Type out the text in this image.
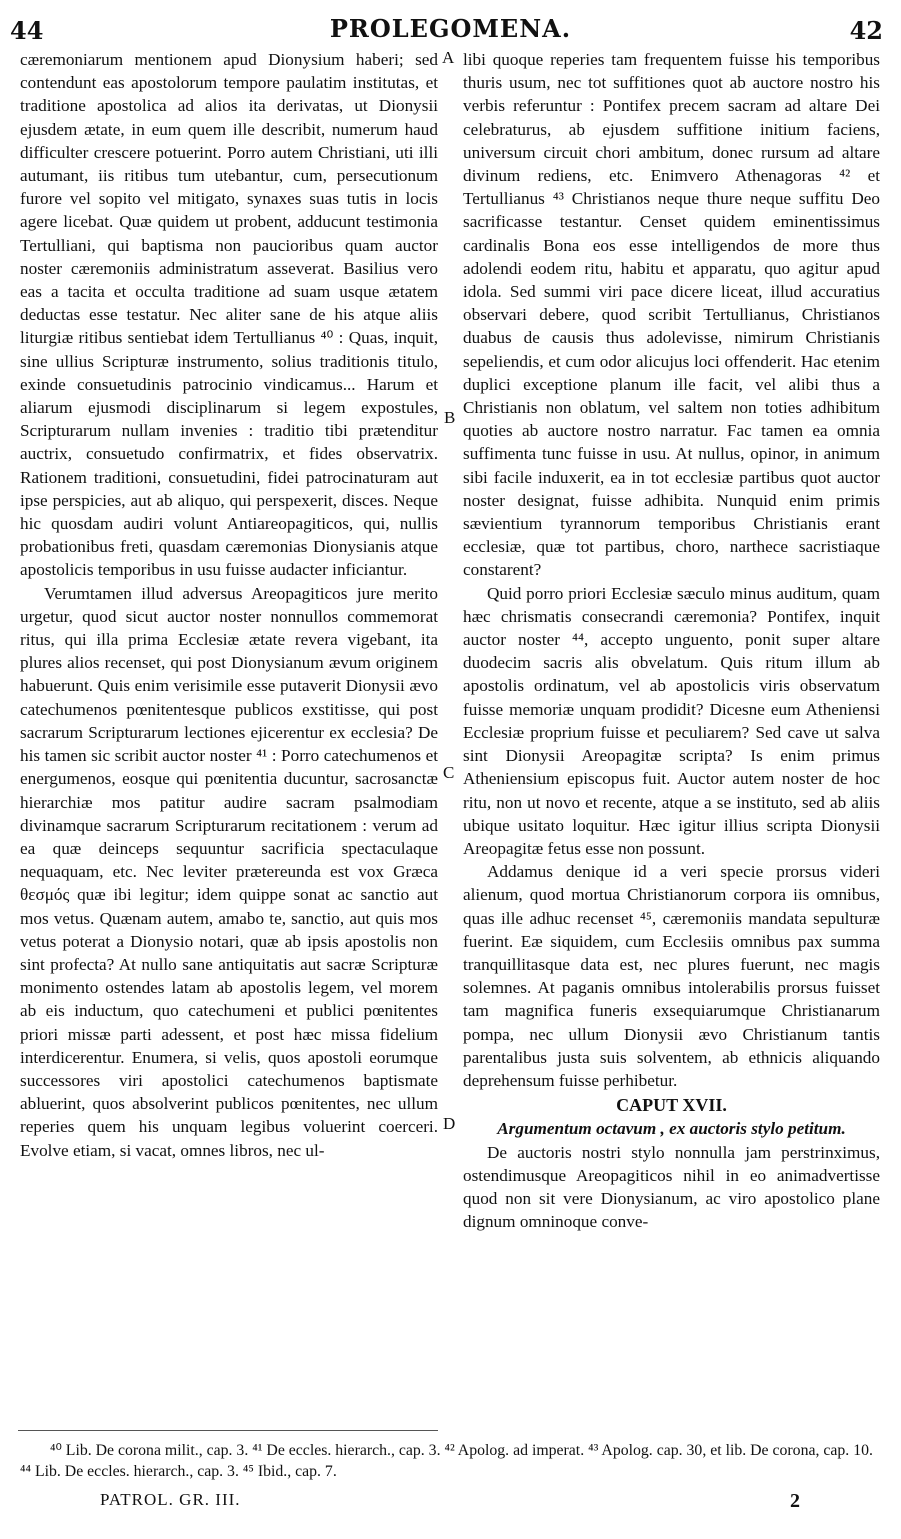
44	PROLEGOMENA.	42

cæremoniarum mentionem apud Dionysium haberi; sed contendunt eas apostolorum tempore paulatim institutas, et traditione apostolica ad alios ita derivatas, ut Dionysii ejusdem ætate, in eum quem ille describit, numerum haud difficulter crescere potuerint. Porro autem Christiani, uti illi autumant, iis ritibus tum utebantur, cum, persecutionum furore vel sopito vel mitigato, synaxes suas tutis in locis agere licebat. Quæ quidem ut probent, adducunt testimonia Tertulliani, qui baptisma non paucioribus quam auctor noster cæremoniis administratum asseverat. Basilius vero eas a tacita et occulta traditione ad suam usque ætatem deductas esse testatur. Nec aliter sane de his atque aliis liturgiæ ritibus sentiebat idem Tertullianus ⁴⁰ : Quas, inquit, sine ullius Scripturæ instrumento, solius traditionis titulo, exinde consuetudinis patrocinio vindicamus... Harum et aliarum ejusmodi disciplinarum si legem expostules, Scripturarum nullam invenies : traditio tibi prætenditur auctrix, consuetudo confirmatrix, et fides observatrix. Rationem traditioni, consuetudini, fidei patrocinaturam aut ipse perspicies, aut ab aliquo, qui perspexerit, disces. Neque hic quosdam audiri volunt Antiareopagiticos, qui, nullis probationibus freti, quasdam cæremonias Dionysianis atque apostolicis temporibus in usu fuisse audacter inficiantur.

Verumtamen illud adversus Areopagiticos jure merito urgetur, quod sicut auctor noster nonnullos commemorat ritus, qui illa prima Ecclesiæ ætate revera vigebant, ita plures alios recenset, qui post Dionysianum ævum originem habuerunt. Quis enim verisimile esse putaverit Dionysii ævo catechumenos pœnitentesque publicos exstitisse, qui post sacrarum Scripturarum lectiones ejicerentur ex ecclesia? De his tamen sic scribit auctor noster ⁴¹ : Porro catechumenos et energumenos, eosque qui pœnitentia ducuntur, sacrosanctæ hierarchiæ mos patitur audire sacram psalmodiam divinamque sacrarum Scripturarum recitationem : verum ad ea quæ deinceps sequuntur sacrificia spectaculaque nequaquam, etc. Nec leviter prætereunda est vox Græca θεσμός quæ ibi legitur; idem quippe sonat ac sanctio aut mos vetus. Quænam autem, amabo te, sanctio, aut quis mos vetus poterat a Dionysio notari, quæ ab ipsis apostolis non sint profecta? At nullo sane antiquitatis aut sacræ Scripturæ monimento ostendes latam ab apostolis legem, vel morem ab eis inductum, quo catechumeni et publici pœnitentes priori missæ parti adessent, et post hæc missa fidelium interdicerentur. Enumera, si velis, quos apostoli eorumque successores viri apostolici catechumenos baptismate abluerint, quos absolverint publicos pœnitentes, nec ullum reperies quem his unquam legibus voluerint coerceri. Evolve etiam, si vacat, omnes libros, nec ul-

A
B
C
D

libi quoque reperies tam frequentem fuisse his temporibus thuris usum, nec tot suffitiones quot ab auctore nostro his verbis referuntur : Pontifex precem sacram ad altare Dei celebraturus, ab ejusdem suffitione initium faciens, universum circuit chori ambitum, donec rursum ad altare divinum rediens, etc. Enimvero Athenagoras ⁴² et Tertullianus ⁴³ Christianos neque thure neque suffitu Deo sacrificasse testantur. Censet quidem eminentissimus cardinalis Bona eos esse intelligendos de more thus adolendi eodem ritu, habitu et apparatu, quo agitur apud idola. Sed summi viri pace dicere liceat, illud accuratius observari debere, quod scribit Tertullianus, Christianos duabus de causis thus adolevisse, nimirum Christianis sepeliendis, et cum odor alicujus loci offenderit. Hac etenim duplici exceptione planum ille facit, vel alibi thus a Christianis non oblatum, vel saltem non toties adhibitum quoties ab auctore nostro narratur. Fac tamen ea omnia suffimenta tunc fuisse in usu. At nullus, opinor, in animum sibi facile induxerit, ea in tot ecclesiæ partibus quot auctor noster designat, fuisse adhibita. Nunquid enim primis sævientium tyrannorum temporibus Christianis erant ecclesiæ, quæ tot partibus, choro, narthece sacristiaque constarent?

Quid porro priori Ecclesiæ sæculo minus auditum, quam hæc chrismatis consecrandi cæremonia? Pontifex, inquit auctor noster ⁴⁴, accepto unguento, ponit super altare duodecim sacris alis obvelatum. Quis ritum illum ab apostolis ordinatum, vel ab apostolicis viris observatum fuisse memoriæ unquam prodidit? Dicesne eum Atheniensi Ecclesiæ proprium fuisse et peculiarem? Sed cave ut salva sint Dionysii Areopagitæ scripta? Is enim primus Atheniensium episcopus fuit. Auctor autem noster de hoc ritu, non ut novo et recente, atque a se instituto, sed ab aliis ubique usitato loquitur. Hæc igitur illius scripta Dionysii Areopagitæ fetus esse non possunt.

Addamus denique id a veri specie prorsus videri alienum, quod mortua Christianorum corpora iis omnibus, quas ille adhuc recenset ⁴⁵, cæremoniis mandata sepulturæ fuerint. Eæ siquidem, cum Ecclesiis omnibus pax summa tranquillitasque data est, nec plures fuerunt, nec magis solemnes. At paganis omnibus intolerabilis prorsus fuisset tam magnifica funeris exsequiarumque Christianarum pompa, nec ullum Dionysii ævo Christianum tantis parentalibus justa suis solventem, ab ethnicis aliquando deprehensum fuisse perhibetur.

CAPUT XVII.
Argumentum octavum , ex auctoris stylo petitum.

De auctoris nostri stylo nonnulla jam perstrinximus, ostendimusque Areopagiticos nihil in eo animadvertisse quod non sit vere Dionysianum, ac viro apostolico plane dignum omninoque conve-

⁴⁰ Lib. De corona milit., cap. 3. ⁴¹ De eccles. hierarch., cap. 3. ⁴² Apolog. ad imperat. ⁴³ Apolog. cap. 30, et lib. De corona, cap. 10. ⁴⁴ Lib. De eccles. hierarch., cap. 3. ⁴⁵ Ibid., cap. 7.

PATROL. GR. III.	2
